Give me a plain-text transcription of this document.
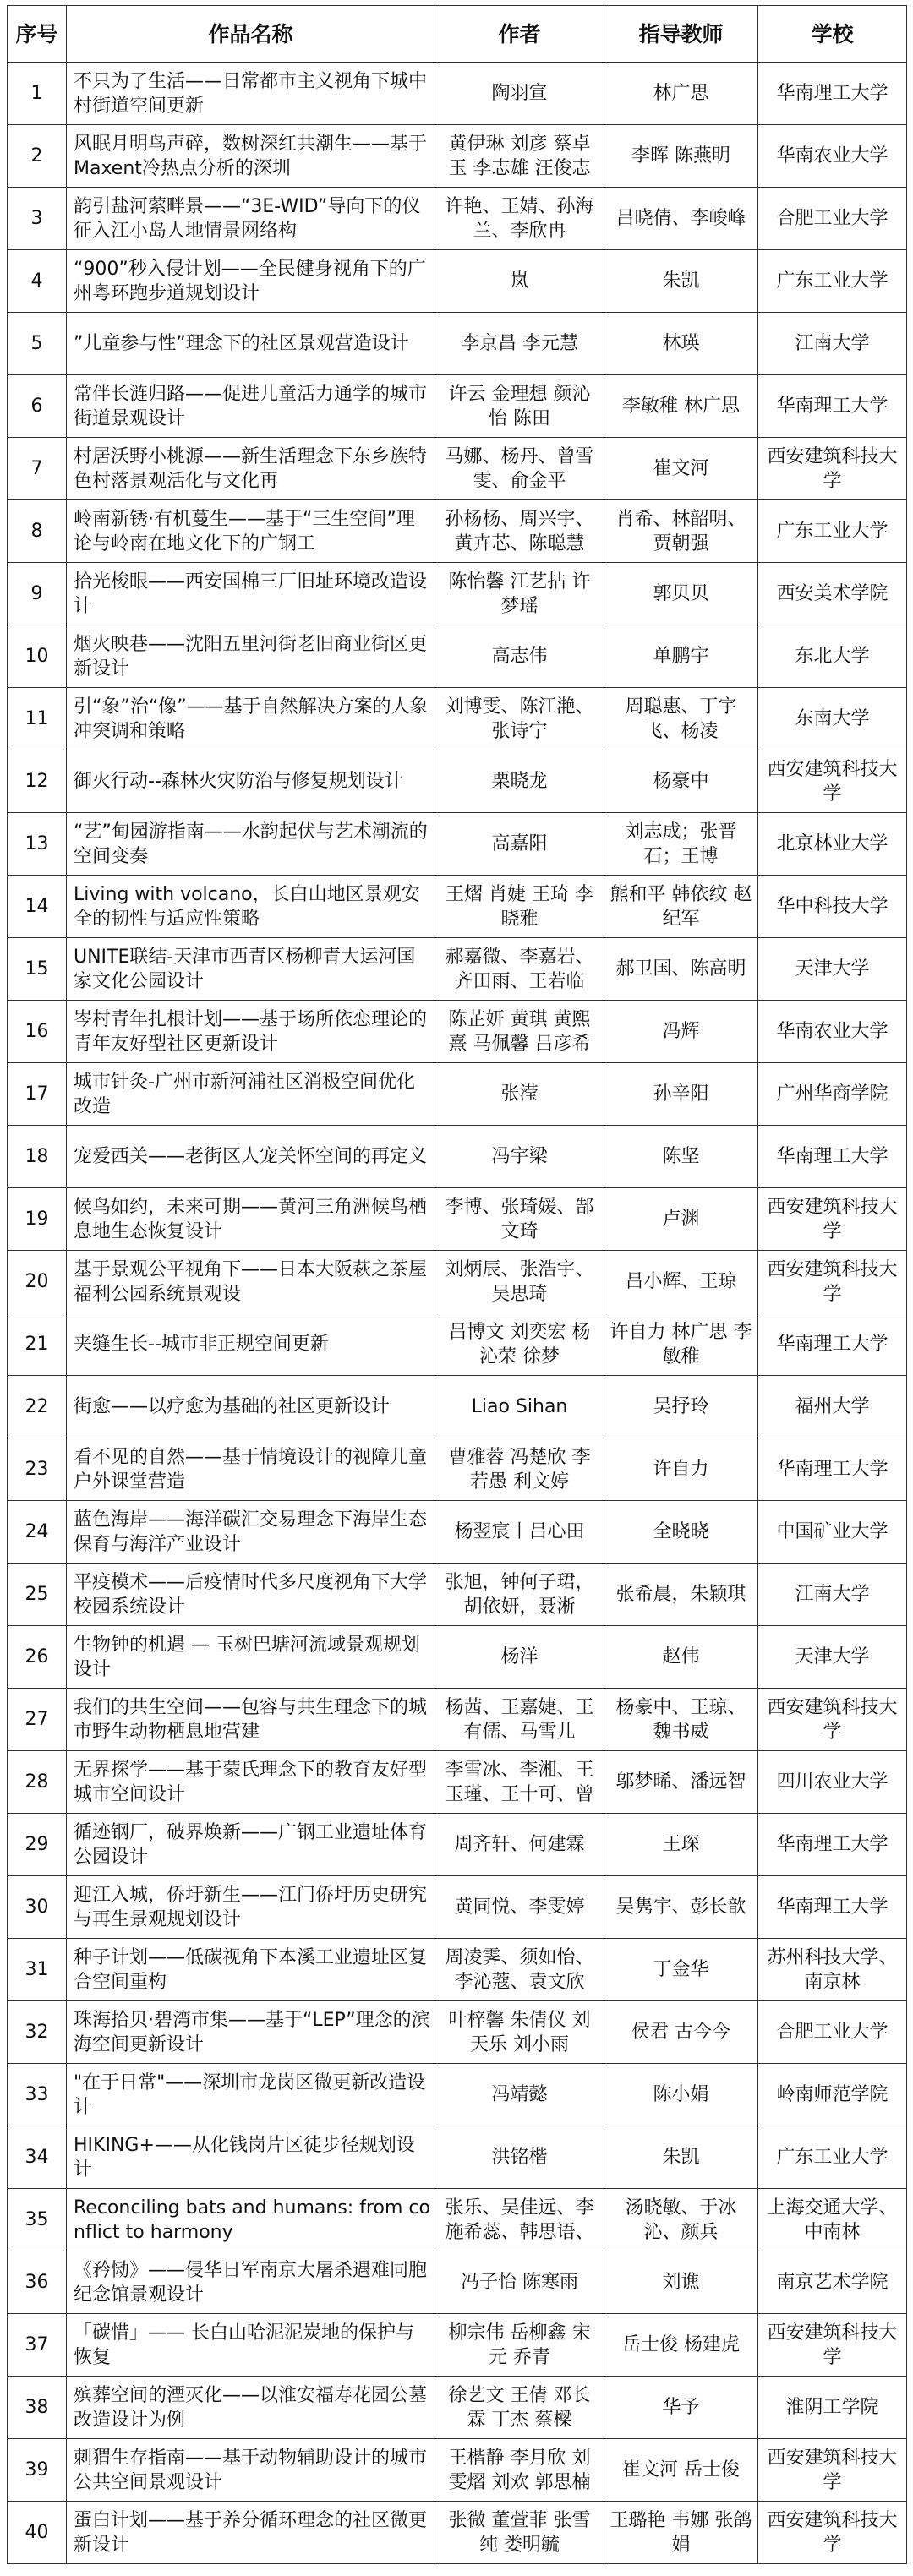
序号	作品名称	作者	指导教师	学校

1	不只为了生活——日常都市主义视角下城中村街道空间更新	陶羽宣	林广思	华南理工大学

2	风眠月明鸟声碎，数树深红共潮生——基于Maxent冷热点分析的深圳	黄伊琳 刘彦 蔡卓玉 李志雄 汪俊志	李晖 陈燕明	华南农业大学

3	韵引盐河萦畔景——“3E-WID”导向下的仪征入江小岛人地情景网络构	许艳、王婧、孙海兰、李欣冉	吕晓倩、李峻峰	合肥工业大学

4	“900”秒入侵计划——全民健身视角下的广州粤环跑步道规划设计	岚	朱凯	广东工业大学

5	”儿童参与性”理念下的社区景观营造设计	李京昌 李元慧	林瑛	江南大学

6	常伴长涟归路——促进儿童活力通学的城市街道景观设计	许云 金理想 颜沁怡 陈田	李敏稚 林广思	华南理工大学

7	村居沃野小桃源——新生活理念下东乡族特色村落景观活化与文化再	马娜、杨丹、曾雪雯、俞金平	崔文河	西安建筑科技大学

8	岭南新锈·有机蔓生——基于“三生空间”理论与岭南在地文化下的广钢工	孙杨杨、周兴宇、黄卉芯、陈聪慧	肖希、林韶明、贾朝强	广东工业大学

9	拾光梭眼——西安国棉三厂旧址环境改造设计	陈怡馨 江艺拈 许梦瑶	郭贝贝	西安美术学院

10	烟火映巷——沈阳五里河街老旧商业街区更新设计	高志伟	单鹏宇	东北大学

11	引“象”治“像”——基于自然解决方案的人象冲突调和策略	刘博雯、陈江滟、张诗宁	周聪惠、丁宇飞、杨凌	东南大学

12	御火行动--森林火灾防治与修复规划设计	栗晓龙	杨豪中	西安建筑科技大学

13	“艺”甸园游指南——水韵起伏与艺术潮流的空间变奏	高嘉阳	刘志成；张晋石；王博	北京林业大学

14	Living with volcano，长白山地区景观安全的韧性与适应性策略	王熠 肖婕 王琦 李晓雅	熊和平 韩依纹 赵纪军	华中科技大学

15	UNITE联结-天津市西青区杨柳青大运河国家文化公园设计	郝嘉微、李嘉岩、齐田雨、王若临	郝卫国、陈高明	天津大学

16	岑村青年扎根计划——基于场所依恋理论的青年友好型社区更新设计	陈芷妍 黄琪 黄熙熹 马佩馨 吕彦希	冯辉	华南农业大学

17	城市针灸-广州市新河浦社区消极空间优化改造	张滢	孙辛阳	广州华商学院

18	宠爱西关——老街区人宠关怀空间的再定义	冯宇梁	陈坚	华南理工大学

19	候鸟如约，未来可期——黄河三角洲候鸟栖息地生态恢复设计	李博、张琦媛、郜文琦	卢渊	西安建筑科技大学

20	基于景观公平视角下——日本大阪萩之茶屋福利公园系统景观设	刘炳辰、张浩宇、吴思琦	吕小辉、王琼	西安建筑科技大学

21	夹缝生长--城市非正规空间更新	吕博文 刘奕宏 杨沁荣 徐梦	许自力 林广思 李敏稚	华南理工大学

22	街愈——以疗愈为基础的社区更新设计	Liao Sihan	吴抒玲	福州大学

23	看不见的自然——基于情境设计的视障儿童户外课堂营造	曹雅蓉 冯楚欣 李若愚 利文婷	许自力	华南理工大学

24	蓝色海岸——海洋碳汇交易理念下海岸生态保育与海洋产业设计	杨翌宸丨吕心田	全晓晓	中国矿业大学

25	平疫模术——后疫情时代多尺度视角下大学校园系统设计	张旭，钟何子珺，胡依妍，聂淅	张希晨，朱颖琪	江南大学

26	生物钟的机遇 — 玉树巴塘河流域景观规划设计	杨洋	赵伟	天津大学

27	我们的共生空间——包容与共生理念下的城市野生动物栖息地营建	杨茜、王嘉婕、王有儒、马雪儿	杨豪中、王琼、魏书威	西安建筑科技大学

28	无界探学——基于蒙氏理念下的教育友好型城市空间设计	李雪冰、李湘、王玉瑾、王十可、曾	邬梦晞、潘远智	四川农业大学

29	循迹钢厂，破界焕新——广钢工业遗址体育公园设计	周齐轩、何建霖	王琛	华南理工大学

30	迎江入城，侨圩新生——江门侨圩历史研究与再生景观规划设计	黄同悦、李雯婷	吴隽宇、彭长歆	华南理工大学

31	种子计划——低碳视角下本溪工业遗址区复合空间重构	周凌霁、须如怡、李沁蔻、袁文欣	丁金华	苏州科技大学、南京林

32	珠海拾贝·碧湾市集——基于“LEP”理念的滨海空间更新设计	叶梓馨 朱倩仪 刘天乐 刘小雨	侯君 古今今	合肥工业大学

33	"在于日常"——深圳市龙岗区微更新改造设计	冯靖懿	陈小娟	岭南师范学院

34	HIKING+——从化钱岗片区徒步径规划设计	洪铭楷	朱凯	广东工业大学

35	Reconciling bats and humans: from conflict to harmony	张乐、吴佳远、李施希蕊、韩思语、	汤晓敏、于冰沁、颜兵	上海交通大学、中南林

36	《矜恸》——侵华日军南京大屠杀遇难同胞纪念馆景观设计	冯子怡 陈寒雨	刘谯	南京艺术学院

37	「碳惜」—— 长白山哈泥泥炭地的保护与恢复	柳宗伟 岳柳鑫 宋元 乔青	岳士俊 杨建虎	西安建筑科技大学

38	殡葬空间的湮灭化——以淮安福寿花园公墓改造设计为例	徐艺文 王倩 邓长霖 丁杰 蔡樑	华予	淮阴工学院

39	刺猬生存指南——基于动物辅助设计的城市公共空间景观设计	王楷静 李月欣 刘雯熠 刘欢 郭思楠	崔文河 岳士俊	西安建筑科技大学

40	蛋白计划——基于养分循环理念的社区微更新设计	张微 董萱菲 张雪纯 娄明毓	王璐艳 韦娜 张鸽娟	西安建筑科技大学
